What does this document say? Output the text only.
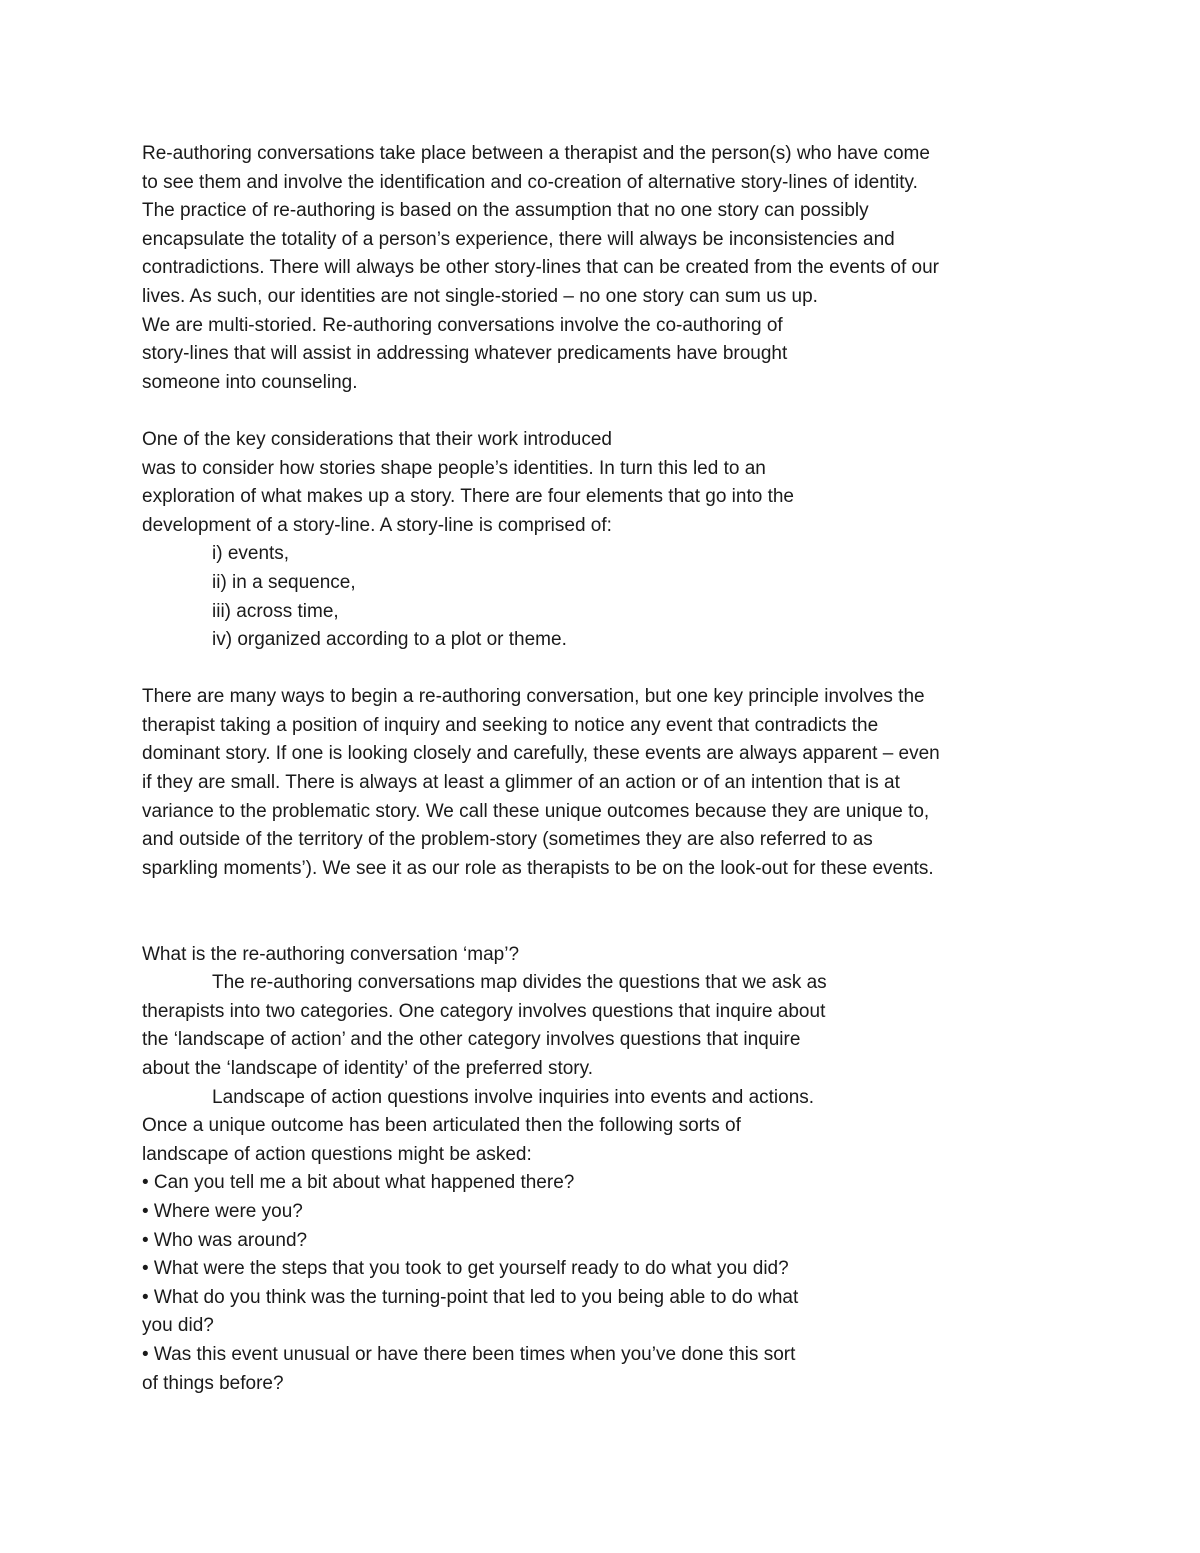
Re-authoring conversations take place between a therapist and the person(s) who have come
to see them and involve the identification and co-creation of alternative story-lines of identity.
The practice of re-authoring is based on the assumption that no one story can possibly
encapsulate the totality of a person’s experience, there will always be inconsistencies and
contradictions. There will always be other story-lines that can be created from the events of our
lives. As such, our identities are not single-storied – no one story can sum us up.
We are multi-storied. Re-authoring conversations involve the co-authoring of
story-lines that will assist in addressing whatever predicaments have brought
someone into counseling.
One of the key considerations that their work introduced
was to consider how stories shape people’s identities. In turn this led to an
exploration of what makes up a story. There are four elements that go into the
development of a story-line. A story-line is comprised of:
i) events,
ii) in a sequence,
iii) across time,
iv) organized according to a plot or theme.
There are many ways to begin a re-authoring conversation, but one key principle involves the
therapist taking a position of inquiry and seeking to notice any event that contradicts the
dominant story. If one is looking closely and carefully, these events are always apparent – even
if they are small. There is always at least a glimmer of an action or of an intention that is at
variance to the problematic story. We call these unique outcomes because they are unique to,
and outside of the territory of the problem-story (sometimes they are also referred to as
sparkling moments’). We see it as our role as therapists to be on the look-out for these events.
What is the re-authoring conversation ‘map’?
The re-authoring conversations map divides the questions that we ask as
therapists into two categories. One category involves questions that inquire about
the ‘landscape of action’ and the other category involves questions that inquire
about the ‘landscape of identity’ of the preferred story.
Landscape of action questions involve inquiries into events and actions.
Once a unique outcome has been articulated then the following sorts of
landscape of action questions might be asked:
• Can you tell me a bit about what happened there?
• Where were you?
• Who was around?
• What were the steps that you took to get yourself ready to do what you did?
• What do you think was the turning-point that led to you being able to do what
you did?
• Was this event unusual or have there been times when you’ve done this sort
of things before?
